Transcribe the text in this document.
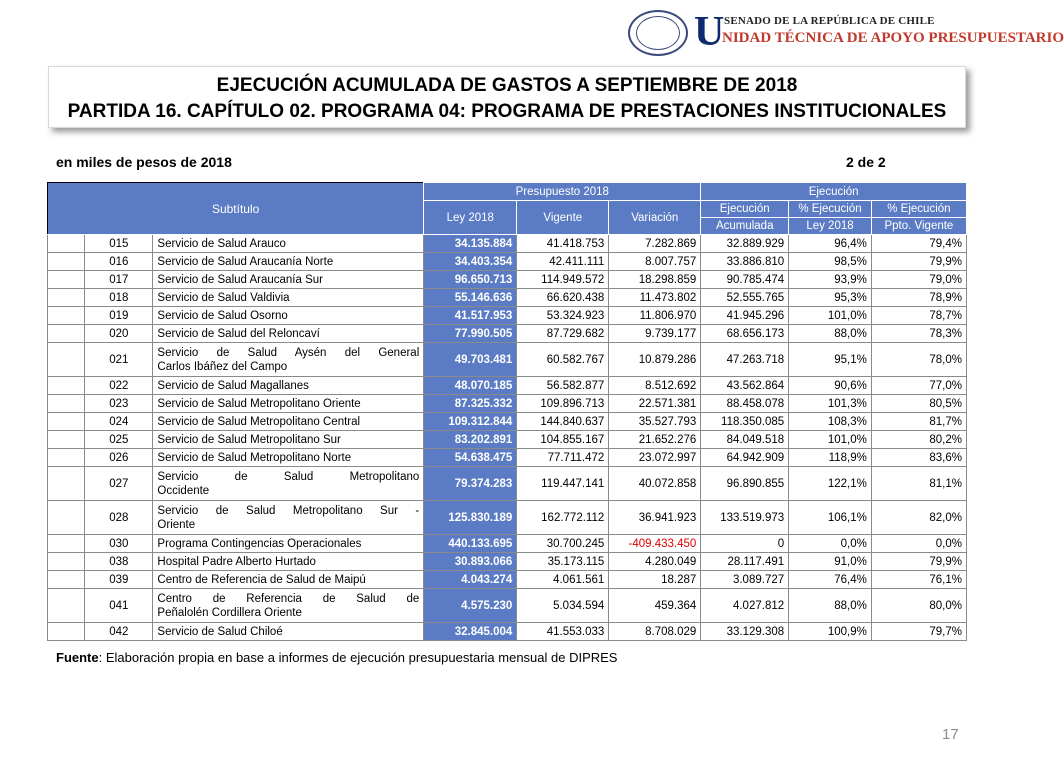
U SENADO DE LA REPÚBLICA DE CHILE
NIDAD TÉCNICA DE APOYO PRESUPUESTARIO
EJECUCIÓN ACUMULADA DE GASTOS A SEPTIEMBRE DE 2018
PARTIDA 16. CAPÍTULO 02. PROGRAMA 04: PROGRAMA DE PRESTACIONES INSTITUCIONALES
en miles de pesos de 2018	2 de 2
Subtítulo			Presupuesto 2018			Ejecución		
			Ley 2018	Vigente	Variación	Ejecución	% Ejecución	% Ejecución
						Acumulada	Ley 2018	Ppto. Vigente
	015	Servicio de Salud Arauco	34.135.884	41.418.753	7.282.869	32.889.929	96,4%	79,4%
	016	Servicio de Salud Araucanía Norte	34.403.354	42.411.111	8.007.757	33.886.810	98,5%	79,9%
	017	Servicio de Salud Araucanía Sur	96.650.713	114.949.572	18.298.859	90.785.474	93,9%	79,0%
	018	Servicio de Salud Valdivia	55.146.636	66.620.438	11.473.802	52.555.765	95,3%	78,9%
	019	Servicio de Salud Osorno	41.517.953	53.324.923	11.806.970	41.945.296	101,0%	78,7%
	020	Servicio de Salud del Reloncaví	77.990.505	87.729.682	9.739.177	68.656.173	88,0%	78,3%
	021	Servicio de Salud Aysén del General
Carlos Ibáñez del Campo	49.703.481	60.582.767	10.879.286	47.263.718	95,1%	78,0%
	022	Servicio de Salud Magallanes	48.070.185	56.582.877	8.512.692	43.562.864	90,6%	77,0%
	023	Servicio de Salud Metropolitano Oriente	87.325.332	109.896.713	22.571.381	88.458.078	101,3%	80,5%
	024	Servicio de Salud Metropolitano Central	109.312.844	144.840.637	35.527.793	118.350.085	108,3%	81,7%
	025	Servicio de Salud Metropolitano Sur	83.202.891	104.855.167	21.652.276	84.049.518	101,0%	80,2%
	026	Servicio de Salud Metropolitano Norte	54.638.475	77.711.472	23.072.997	64.942.909	118,9%	83,6%
	027	Servicio de Salud Metropolitano
Occidente	79.374.283	119.447.141	40.072.858	96.890.855	122,1%	81,1%
	028	Servicio de Salud Metropolitano Sur -
Oriente	125.830.189	162.772.112	36.941.923	133.519.973	106,1%	82,0%
	030	Programa Contingencias Operacionales	440.133.695	30.700.245	-409.433.450	0	0,0%	0,0%
	038	Hospital Padre Alberto Hurtado	30.893.066	35.173.115	4.280.049	28.117.491	91,0%	79,9%
	039	Centro de Referencia de Salud de Maipú	4.043.274	4.061.561	18.287	3.089.727	76,4%	76,1%
	041	Centro de Referencia de Salud de
Peñalolén Cordillera Oriente	4.575.230	5.034.594	459.364	4.027.812	88,0%	80,0%
	042	Servicio de Salud Chiloé	32.845.004	41.553.033	8.708.029	33.129.308	100,9%	79,7%
Fuente: Elaboración propia en base a informes de ejecución presupuestaria mensual de DIPRES
17
